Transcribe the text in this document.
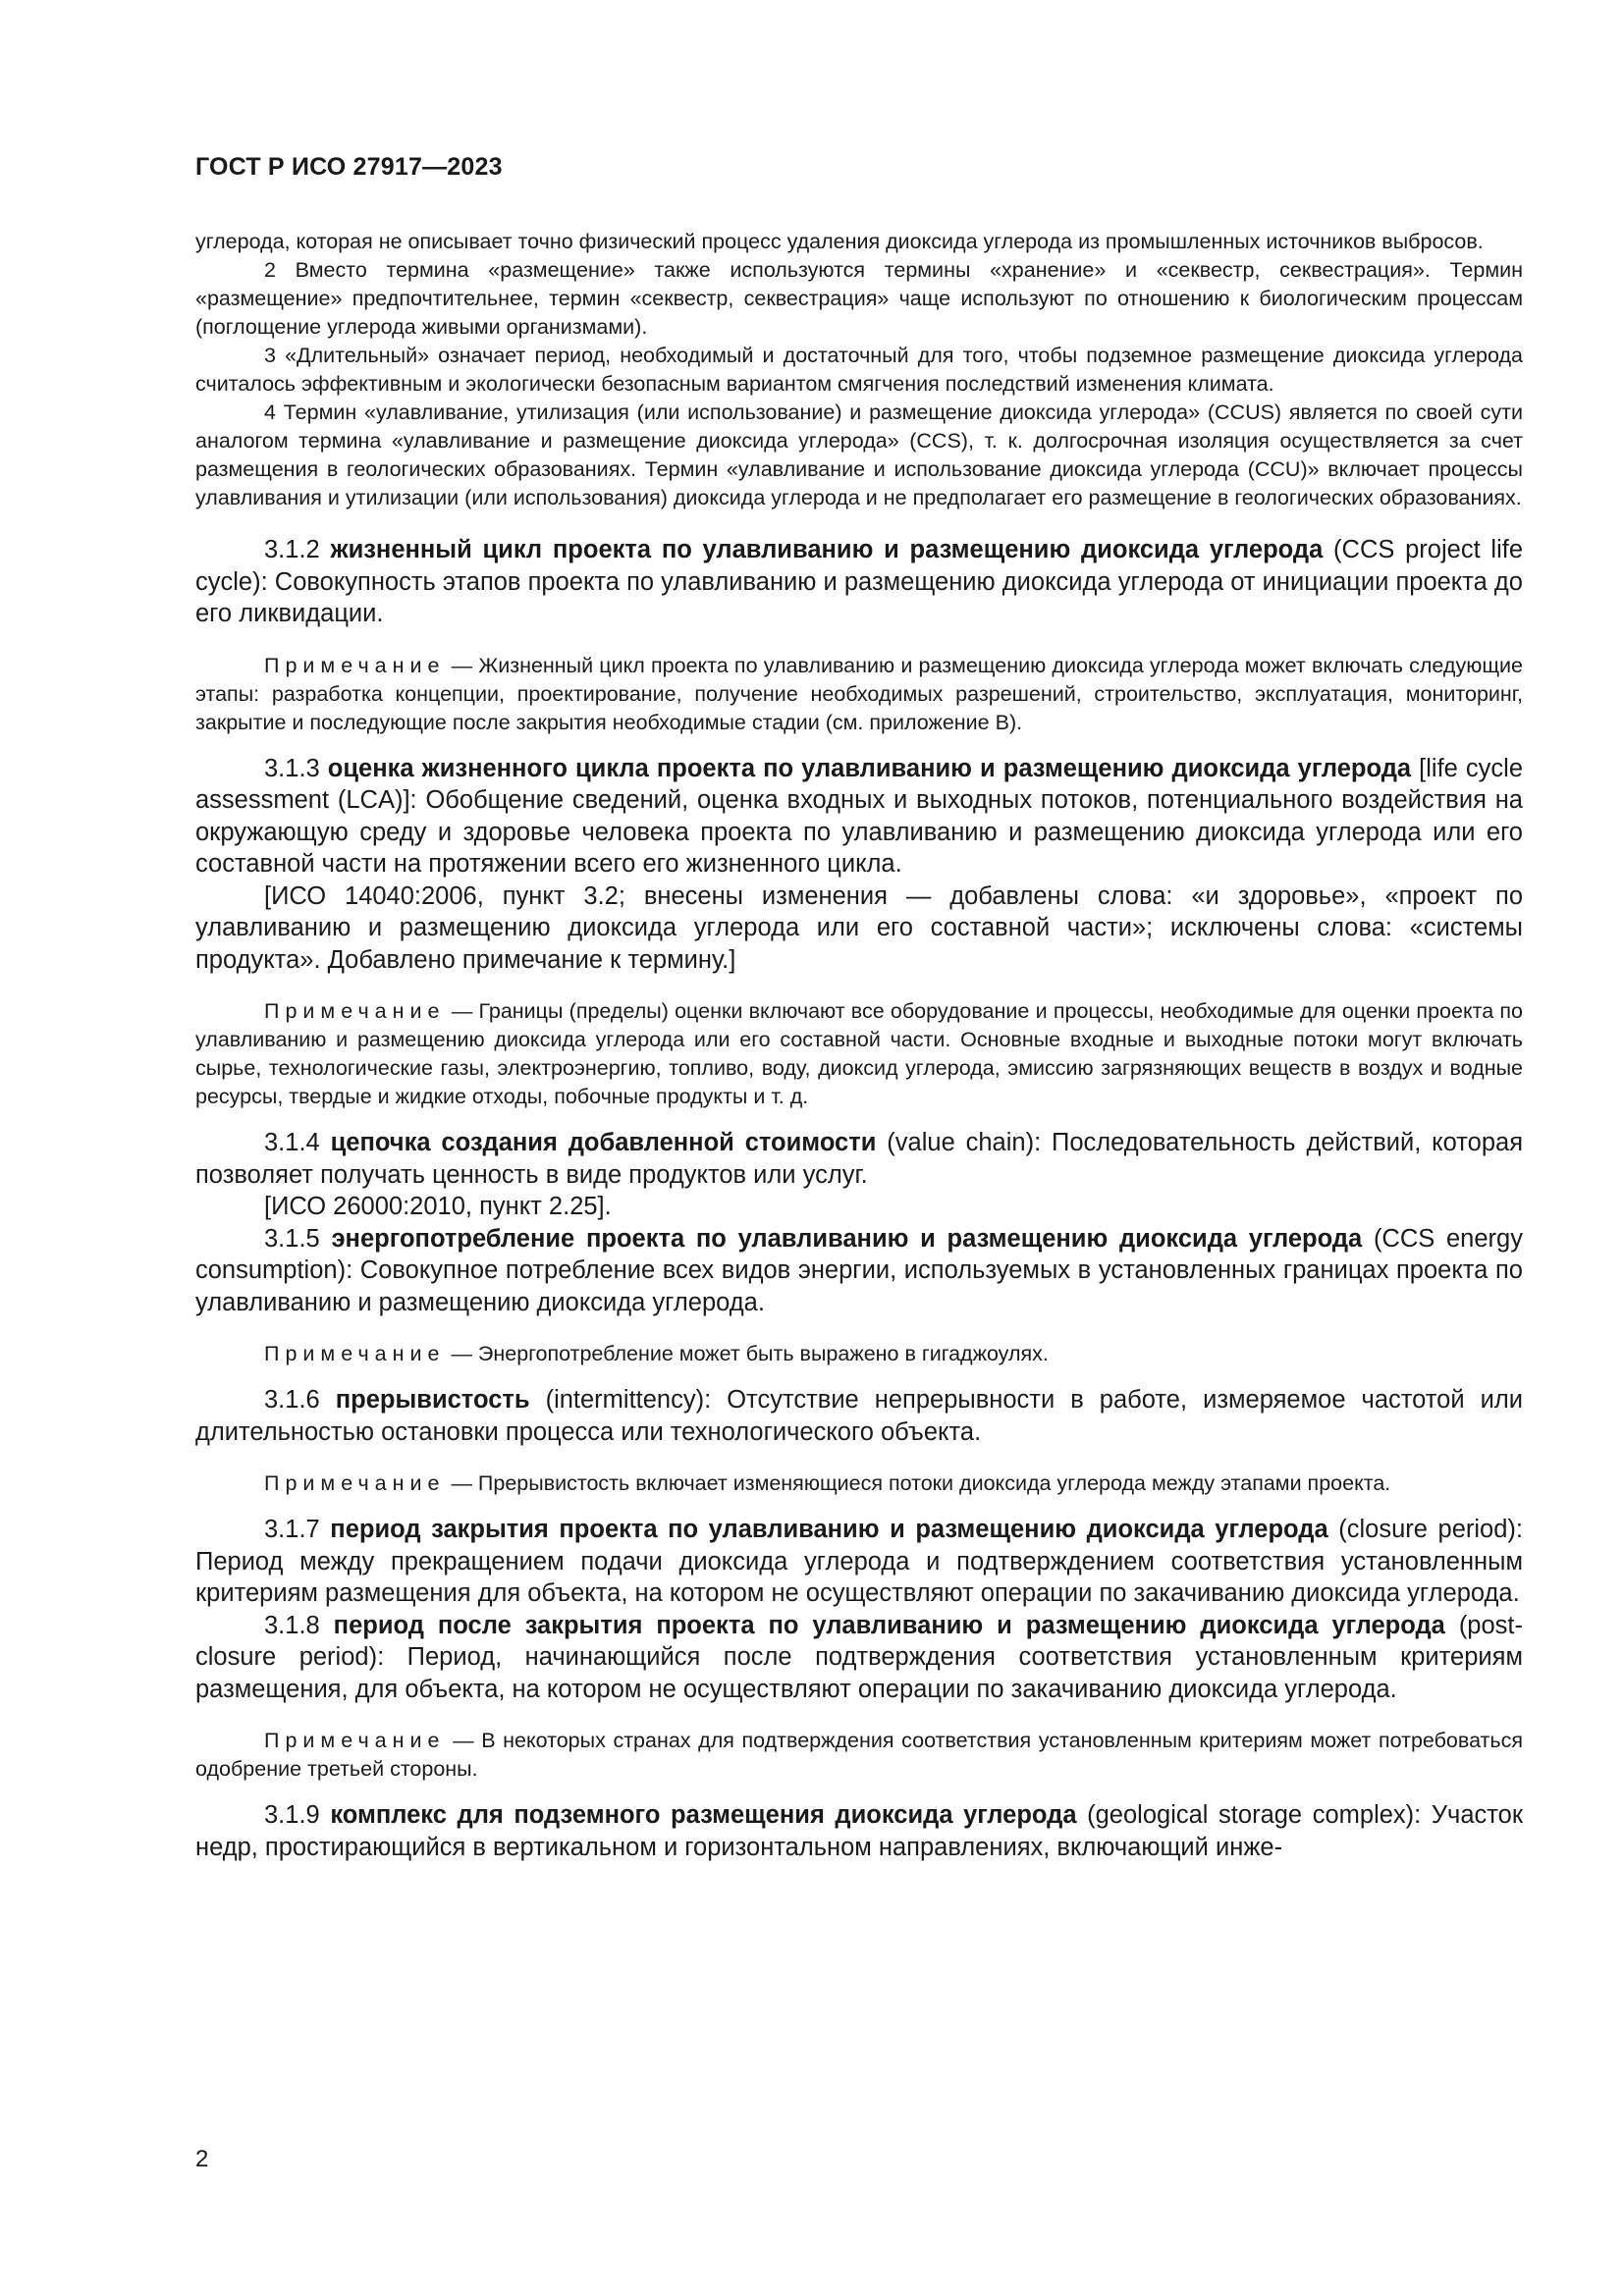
ГОСТ Р ИСО 27917—2023

углерода, которая не описывает точно физический процесс удаления диоксида углерода из промышленных источников выбросов.

2 Вместо термина «размещение» также используются термины «хранение» и «секвестр, секвестрация». Термин «размещение» предпочтительнее, термин «секвестр, секвестрация» чаще используют по отношению к биологическим процессам (поглощение углерода живыми организмами).

3 «Длительный» означает период, необходимый и достаточный для того, чтобы подземное размещение диоксида углерода считалось эффективным и экологически безопасным вариантом смягчения последствий изменения климата.

4 Термин «улавливание, утилизация (или использование) и размещение диоксида углерода» (CCUS) является по своей сути аналогом термина «улавливание и размещение диоксида углерода» (CCS), т. к. долгосрочная изоляция осуществляется за счет размещения в геологических образованиях. Термин «улавливание и использование диоксида углерода (CCU)» включает процессы улавливания и утилизации (или использования) диоксида углерода и не предполагает его размещение в геологических образованиях.

3.1.2 жизненный цикл проекта по улавливанию и размещению диоксида углерода (CCS project life cycle): Совокупность этапов проекта по улавливанию и размещению диоксида углерода от инициации проекта до его ликвидации.

Примечание — Жизненный цикл проекта по улавливанию и размещению диоксида углерода может включать следующие этапы: разработка концепции, проектирование, получение необходимых разрешений, строительство, эксплуатация, мониторинг, закрытие и последующие после закрытия необходимые стадии (см. приложение В).

3.1.3 оценка жизненного цикла проекта по улавливанию и размещению диоксида углерода [life cycle assessment (LCA)]: Обобщение сведений, оценка входных и выходных потоков, потенциального воздействия на окружающую среду и здоровье человека проекта по улавливанию и размещению диоксида углерода или его составной части на протяжении всего его жизненного цикла.

[ИСО 14040:2006, пункт 3.2; внесены изменения — добавлены слова: «и здоровье», «проект по улавливанию и размещению диоксида углерода или его составной части»; исключены слова: «системы продукта». Добавлено примечание к термину.]

Примечание — Границы (пределы) оценки включают все оборудование и процессы, необходимые для оценки проекта по улавливанию и размещению диоксида углерода или его составной части. Основные входные и выходные потоки могут включать сырье, технологические газы, электроэнергию, топливо, воду, диоксид углерода, эмиссию загрязняющих веществ в воздух и водные ресурсы, твердые и жидкие отходы, побочные продукты и т. д.

3.1.4 цепочка создания добавленной стоимости (value chain): Последовательность действий, которая позволяет получать ценность в виде продуктов или услуг.

[ИСО 26000:2010, пункт 2.25].

3.1.5 энергопотребление проекта по улавливанию и размещению диоксида углерода (CCS energy consumption): Совокупное потребление всех видов энергии, используемых в установленных границах проекта по улавливанию и размещению диоксида углерода.

Примечание — Энергопотребление может быть выражено в гигаджоулях.

3.1.6 прерывистость (intermittency): Отсутствие непрерывности в работе, измеряемое частотой или длительностью остановки процесса или технологического объекта.

Примечание — Прерывистость включает изменяющиеся потоки диоксида углерода между этапами проекта.

3.1.7 период закрытия проекта по улавливанию и размещению диоксида углерода (closure period): Период между прекращением подачи диоксида углерода и подтверждением соответствия установленным критериям размещения для объекта, на котором не осуществляют операции по закачиванию диоксида углерода.

3.1.8 период после закрытия проекта по улавливанию и размещению диоксида углерода (post-closure period): Период, начинающийся после подтверждения соответствия установленным критериям размещения, для объекта, на котором не осуществляют операции по закачиванию диоксида углерода.

Примечание — В некоторых странах для подтверждения соответствия установленным критериям может потребоваться одобрение третьей стороны.

3.1.9 комплекс для подземного размещения диоксида углерода (geological storage complex): Участок недр, простирающийся в вертикальном и горизонтальном направлениях, включающий инже-

2
